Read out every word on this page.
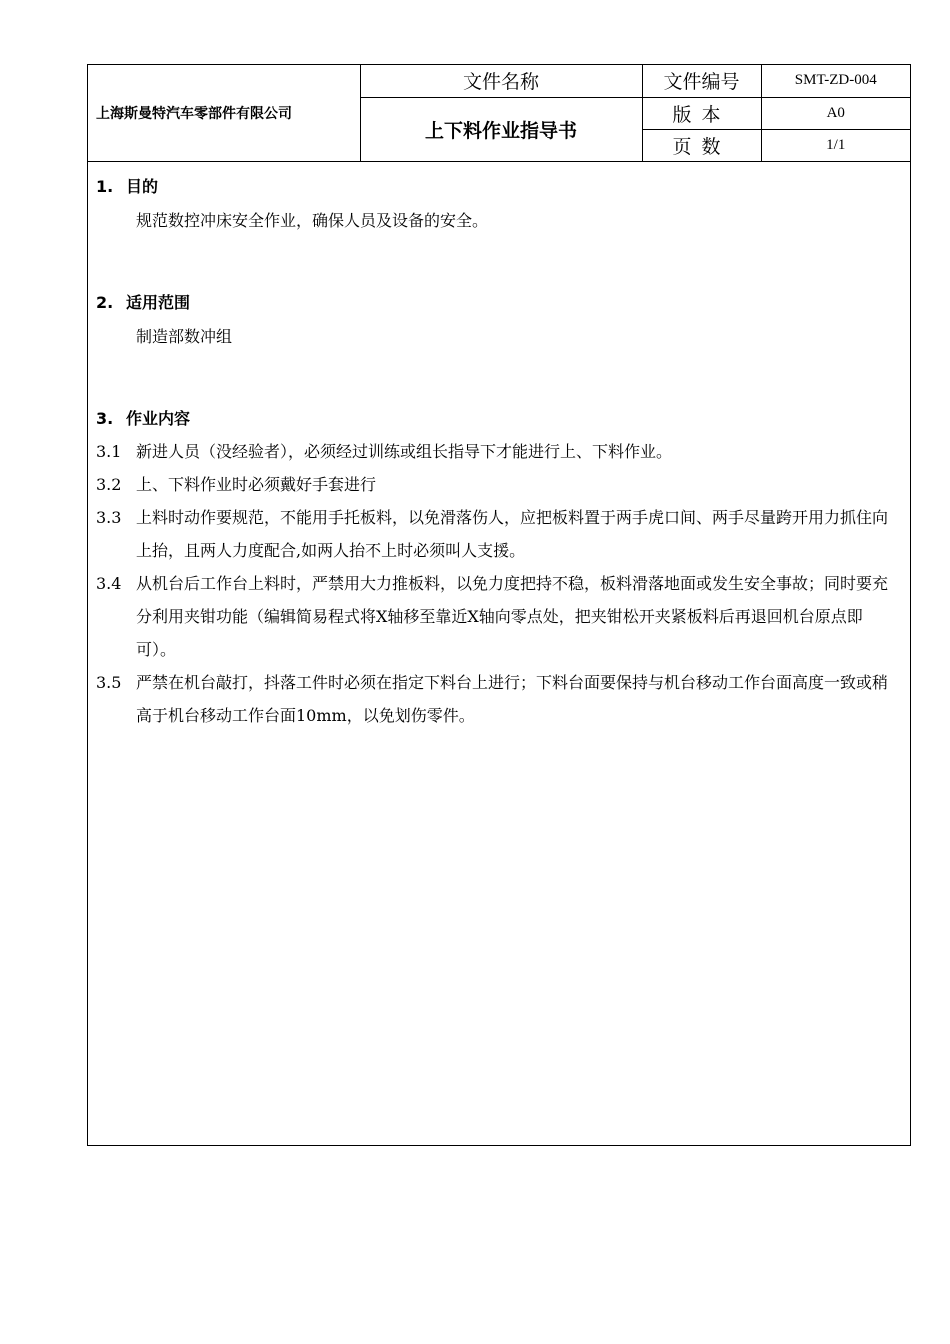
上海斯曼特汽车零部件有限公司	文件名称	文件编号	SMT-ZD-004
	上下料作业指导书	版本	A0
		页数	1/1
1. 目的
规范数控冲床安全作业，确保人员及设备的安全。
2. 适用范围
制造部数冲组
3. 作业内容
3.1 新进人员（没经验者），必须经过训练或组长指导下才能进行上、下料作业。
3.2 上、下料作业时必须戴好手套进行
3.3 上料时动作要规范，不能用手托板料，以免滑落伤人，应把板料置于两手虎口间、两手尽量跨开用力抓住向上抬，且两人力度配合,如两人抬不上时必须叫人支援。
3.4 从机台后工作台上料时，严禁用大力推板料，以免力度把持不稳，板料滑落地面或发生安全事故；同时要充分利用夹钳功能（编辑简易程式将X轴移至靠近X轴向零点处，把夹钳松开夹紧板料后再退回机台原点即可）。
3.5 严禁在机台敲打，抖落工件时必须在指定下料台上进行；下料台面要保持与机台移动工作台面高度一致或稍高于机台移动工作台面10mm，以免划伤零件。
